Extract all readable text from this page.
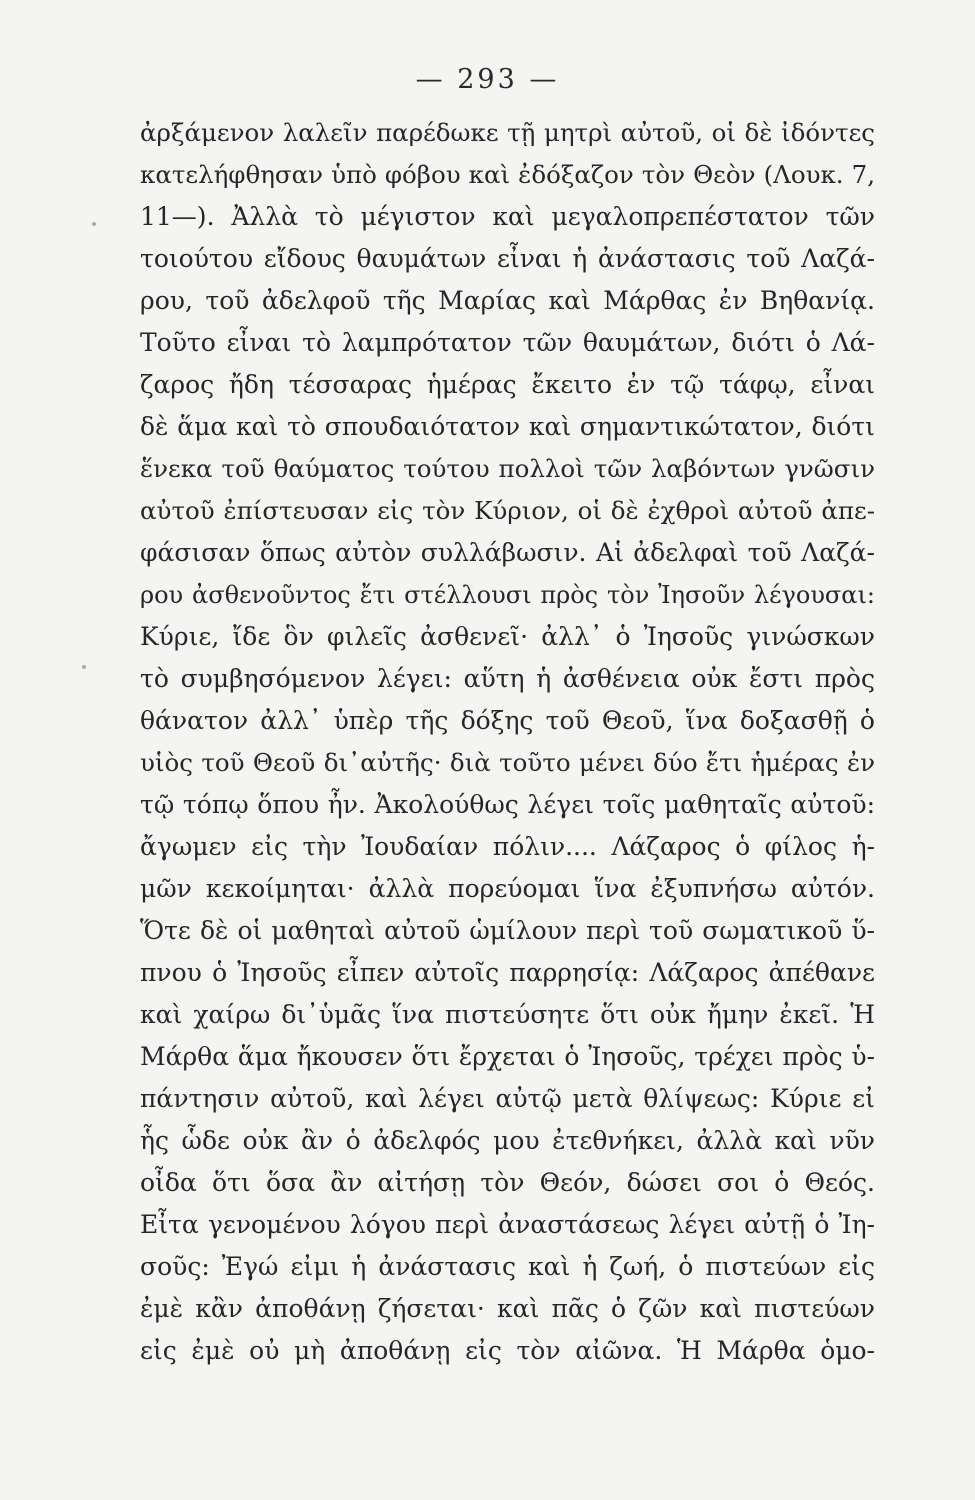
— 293 —
ἀρξάμενον λαλεῖν παρέδωκε τῇ μητρὶ αὐτοῦ, οἱ δὲ ἰδόντες
κατελήφθησαν ὑπὸ φόβου καὶ ἐδόξαζον τὸν Θεὸν (Λουκ. 7,
11—). Ἀλλὰ τὸ μέγιστον καὶ μεγαλοπρεπέστατον τῶν
τοιούτου εἴδους θαυμάτων εἶναι ἡ ἀνάστασις τοῦ Λαζά-
ρου, τοῦ ἀδελφοῦ τῆς Μαρίας καὶ Μάρθας ἐν Βηθανίᾳ.
Τοῦτο εἶναι τὸ λαμπρότατον τῶν θαυμάτων, διότι ὁ Λά-
ζαρος ἤδη τέσσαρας ἡμέρας ἔκειτο ἐν τῷ τάφῳ, εἶναι
δὲ ἅμα καὶ τὸ σπουδαιότατον καὶ σημαντικώτατον, διότι
ἕνεκα τοῦ θαύματος τούτου πολλοὶ τῶν λαβόντων γνῶσιν
αὐτοῦ ἐπίστευσαν εἰς τὸν Κύριον, οἱ δὲ ἐχθροὶ αὐτοῦ ἀπε-
φάσισαν ὅπως αὐτὸν συλλάβωσιν. Αἱ ἀδελφαὶ τοῦ Λαζά-
ρου ἀσθενοῦντος ἔτι στέλλουσι πρὸς τὸν Ἰησοῦν λέγουσαι:
Κύριε, ἴδε ὃν φιλεῖς ἀσθενεῖ· ἀλλ᾽ ὁ Ἰησοῦς γινώσκων
τὸ συμβησόμενον λέγει: αὕτη ἡ ἀσθένεια οὐκ ἔστι πρὸς
θάνατον ἀλλ᾽ ὑπὲρ τῆς δόξης τοῦ Θεοῦ, ἵνα δοξασθῇ ὁ
υἱὸς τοῦ Θεοῦ δι᾽αὐτῆς· διὰ τοῦτο μένει δύο ἔτι ἡμέρας ἐν
τῷ τόπῳ ὅπου ἦν. Ἀκολούθως λέγει τοῖς μαθηταῖς αὐτοῦ:
ἄγωμεν εἰς τὴν Ἰουδαίαν πόλιν.... Λάζαρος ὁ φίλος ἡ-
μῶν κεκοίμηται· ἀλλὰ πορεύομαι ἵνα ἐξυπνήσω αὐτόν.
Ὅτε δὲ οἱ μαθηταὶ αὐτοῦ ὡμίλουν περὶ τοῦ σωματικοῦ ὕ-
πνου ὁ Ἰησοῦς εἶπεν αὐτοῖς παρρησίᾳ: Λάζαρος ἀπέθανε
καὶ χαίρω δι᾽ὑμᾶς ἵνα πιστεύσητε ὅτι οὐκ ἤμην ἐκεῖ. Ἡ
Μάρθα ἅμα ἤκουσεν ὅτι ἔρχεται ὁ Ἰησοῦς, τρέχει πρὸς ὑ-
πάντησιν αὐτοῦ, καὶ λέγει αὐτῷ μετὰ θλίψεως: Κύριε εἰ
ἧς ὧδε οὐκ ἂν ὁ ἀδελφός μου ἐτεθνήκει, ἀλλὰ καὶ νῦν
οἶδα ὅτι ὅσα ἂν αἰτήσῃ τὸν Θεόν, δώσει σοι ὁ Θεός.
Εἶτα γενομένου λόγου περὶ ἀναστάσεως λέγει αὐτῇ ὁ Ἰη-
σοῦς: Ἐγώ εἰμι ἡ ἀνάστασις καὶ ἡ ζωή, ὁ πιστεύων εἰς
ἐμὲ κἂν ἀποθάνῃ ζήσεται· καὶ πᾶς ὁ ζῶν καὶ πιστεύων
εἰς ἐμὲ οὐ μὴ ἀποθάνῃ εἰς τὸν αἰῶνα. Ἡ Μάρθα ὁμο-
